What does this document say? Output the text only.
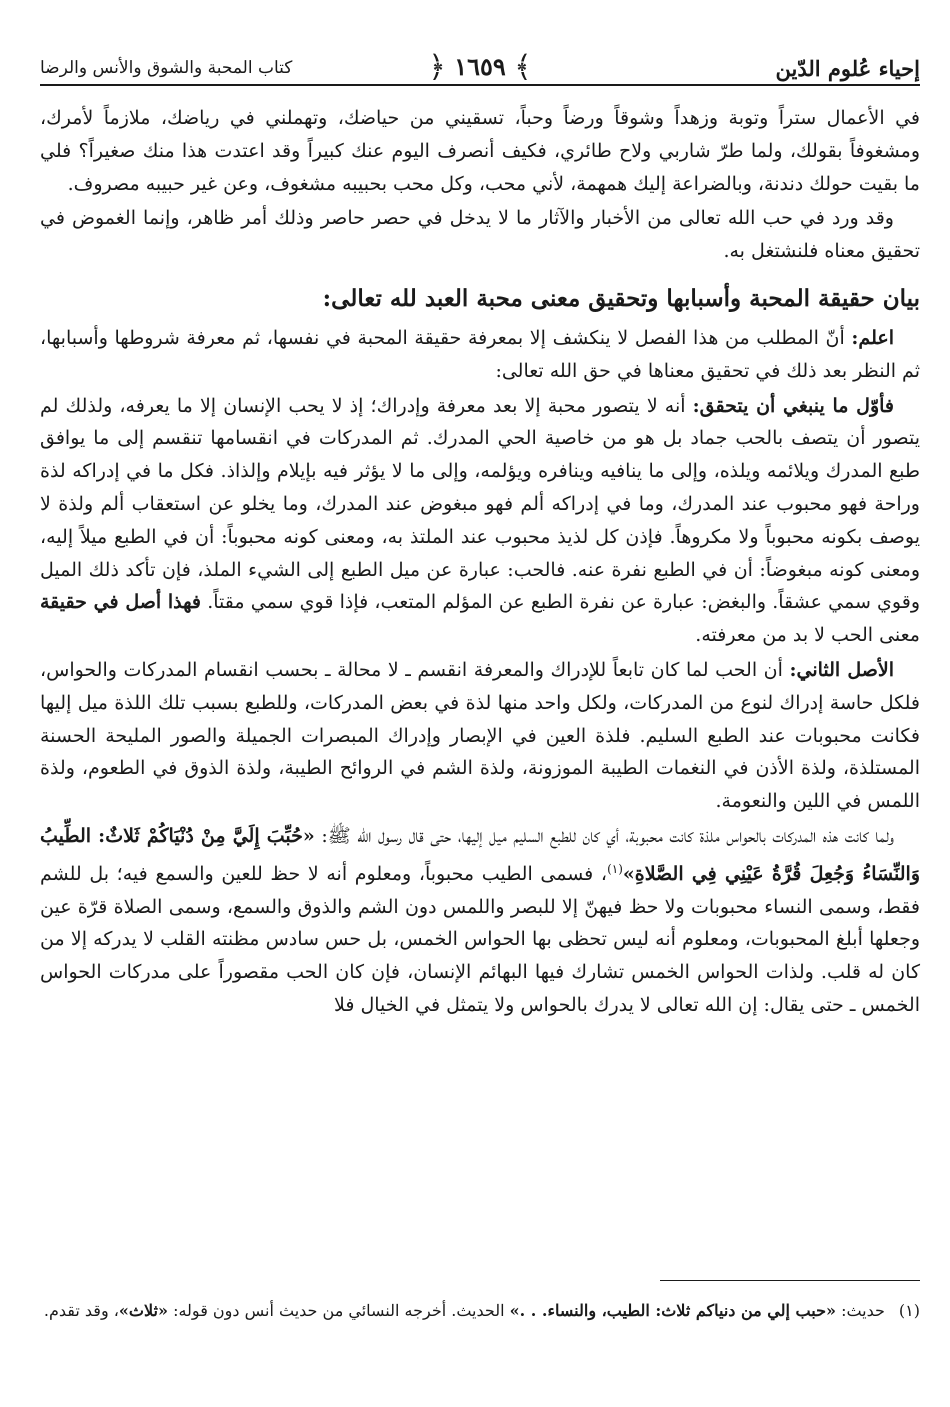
إحياء عُلوم الدّين
﴿ ١٦٥٩ ﴾
كتاب المحبة والشوق والأنس والرضا

في الأعمال ستراً وتوبة وزهداً وشوقاً ورضاً وحباً، تسقيني من حياضك، وتهملني في رياضك، ملازماً لأمرك، ومشغوفاً بقولك، ولما طرّ شاربي ولاح طائري، فكيف أنصرف اليوم عنك كبيراً وقد اعتدت هذا منك صغيراً؟ فلي ما بقيت حولك دندنة، وبالضراعة إليك همهمة، لأني محب، وكل محب بحبيبه مشغوف، وعن غير حبيبه مصروف.

وقد ورد في حب الله تعالى من الأخبار والآثار ما لا يدخل في حصر حاصر وذلك أمر ظاهر، وإنما الغموض في تحقيق معناه فلنشتغل به.

بيان حقيقة المحبة وأسبابها وتحقيق معنى محبة العبد لله تعالى:

اعلم: أنّ المطلب من هذا الفصل لا ينكشف إلا بمعرفة حقيقة المحبة في نفسها، ثم معرفة شروطها وأسبابها، ثم النظر بعد ذلك في تحقيق معناها في حق الله تعالى:

فأوّل ما ينبغي أن يتحقق: أنه لا يتصور محبة إلا بعد معرفة وإدراك؛ إذ لا يحب الإنسان إلا ما يعرفه، ولذلك لم يتصور أن يتصف بالحب جماد بل هو من خاصية الحي المدرك. ثم المدركات في انقسامها تنقسم إلى ما يوافق طبع المدرك ويلائمه ويلذه، وإلى ما ينافيه وينافره ويؤلمه، وإلى ما لا يؤثر فيه بإيلام وإلذاذ. فكل ما في إدراكه لذة وراحة فهو محبوب عند المدرك، وما في إدراكه ألم فهو مبغوض عند المدرك، وما يخلو عن استعقاب ألم ولذة لا يوصف بكونه محبوباً ولا مكروهاً. فإذن كل لذيذ محبوب عند الملتذ به، ومعنى كونه محبوباً: أن في الطبع ميلاً إليه، ومعنى كونه مبغوضاً: أن في الطبع نفرة عنه. فالحب: عبارة عن ميل الطبع إلى الشيء الملذ، فإن تأكد ذلك الميل وقوي سمي عشقاً. والبغض: عبارة عن نفرة الطبع عن المؤلم المتعب، فإذا قوي سمي مقتاً. فهذا أصل في حقيقة معنى الحب لا بد من معرفته.

الأصل الثاني: أن الحب لما كان تابعاً للإدراك والمعرفة انقسم ـ لا محالة ـ بحسب انقسام المدركات والحواس، فلكل حاسة إدراك لنوع من المدركات، ولكل واحد منها لذة في بعض المدركات، وللطبع بسبب تلك اللذة ميل إليها فكانت محبوبات عند الطبع السليم. فلذة العين في الإبصار وإدراك المبصرات الجميلة والصور المليحة الحسنة المستلذة، ولذة الأذن في النغمات الطيبة الموزونة، ولذة الشم في الروائح الطيبة، ولذة الذوق في الطعوم، ولذة اللمس في اللين والنعومة.

ولما كانت هذه المدركات بالحواس ملذة كانت محبوبة، أي كان للطبع السليم ميل إليها، حتى قال رسول الله ﷺ: «حُبِّبَ إِلَيَّ مِنْ دُنْيَاكُمْ ثَلاثٌ: الطِّيبُ وَالنِّسَاءُ وَجُعِلَ قُرَّةُ عَيْنِي فِي الصَّلاةِ»$^{(١)}$، فسمى الطيب محبوباً، ومعلوم أنه لا حظ للعين والسمع فيه؛ بل للشم فقط، وسمى النساء محبوبات ولا حظ فيهنّ إلا للبصر واللمس دون الشم والذوق والسمع، وسمى الصلاة قرّة عين وجعلها أبلغ المحبوبات، ومعلوم أنه ليس تحظى بها الحواس الخمس، بل حس سادس مظنته القلب لا يدركه إلا من كان له قلب. ولذات الحواس الخمس تشارك فيها البهائم الإنسان، فإن كان الحب مقصوراً على مدركات الحواس الخمس ـ حتى يقال: إن الله تعالى لا يدرك بالحواس ولا يتمثل في الخيال فلا

(١)حديث: «حبب إلي من دنياكم ثلاث: الطيب، والنساء. . .» الحديث. أخرجه النسائي من حديث أنس دون قوله: «ثلاث»، وقد تقدم.
